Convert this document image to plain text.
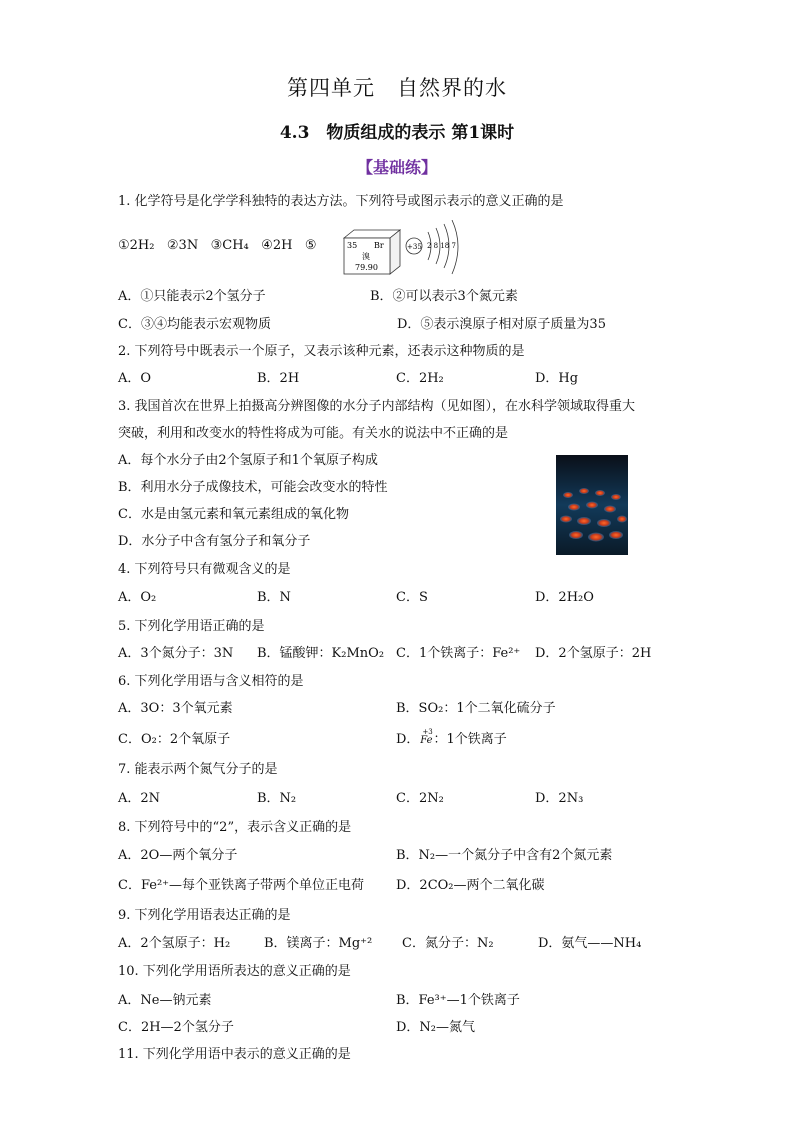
第四单元　自然界的水
4.3　物质组成的表示 第1课时
【基础练】
1. 化学符号是化学学科独特的表达方法。下列符号或图示表示的意义正确的是
①2H₂ ②3N ③CH₄ ④2H ⑤	35 Br
溴
79.90
+35 2 8 18 7
A．①只能表示2个氢分子	B．②可以表示3个氮元素
C．③④均能表示宏观物质	D．⑤表示溴原子相对原子质量为35
2. 下列符号中既表示一个原子，又表示该种元素，还表示这种物质的是
A．O	B．2H	C．2H₂	D．Hg
3. 我国首次在世界上拍摄高分辨图像的水分子内部结构（见如图），在水科学领域取得重大
突破，利用和改变水的特性将成为可能。有关水的说法中不正确的是
A．每个水分子由2个氢原子和1个氧原子构成
B．利用水分子成像技术，可能会改变水的特性
C．水是由氢元素和氧元素组成的氧化物
D．水分子中含有氢分子和氧分子
4. 下列符号只有微观含义的是
A．O₂	B．N	C．S	D．2H₂O
5. 下列化学用语正确的是
A．3个氮分子：3N B．锰酸钾：K₂MnO₂ C．1个铁离子：Fe²⁺ D．2个氢原子：2H
6. 下列化学用语与含义相符的是
A．3O：3个氧元素	B．SO₂：1个二氧化硫分子
C．O₂：2个氧原子	D． +3
Fe：1个铁离子
7. 能表示两个氮气分子的是
A．2N	B．N₂	C．2N₂	D．2N₃
8. 下列符号中的“2”，表示含义正确的是
A．2O—两个氧分子	B．N₂—一个氮分子中含有2个氮元素
C．Fe²⁺—每个亚铁离子带两个单位正电荷 D．2CO₂—两个二氧化碳
9. 下列化学用语表达正确的是
A．2个氢原子：H₂	B．镁离子：Mg⁺² C．氮分子：N₂	D．氨气——NH₄
10. 下列化学用语所表达的意义正确的是
A．Ne—钠元素	B．Fe³⁺—1个铁离子
C．2H—2个氢分子	D．N₂—氮气
11. 下列化学用语中表示的意义正确的是
